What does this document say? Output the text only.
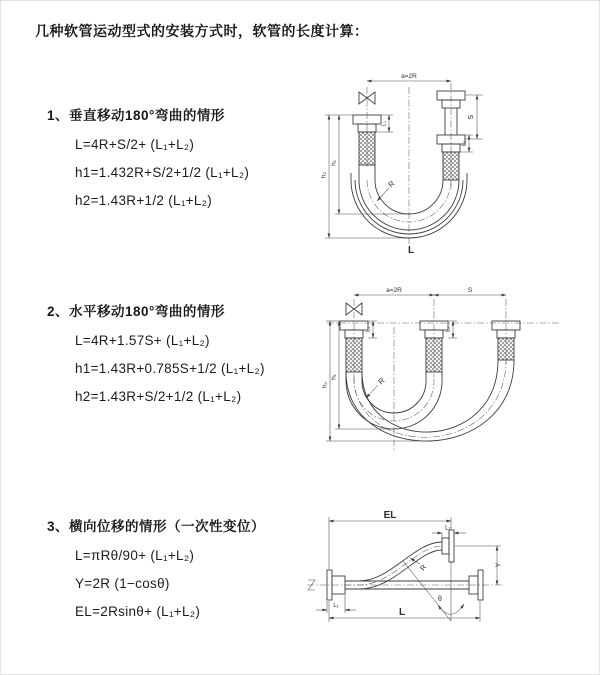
几种软管运动型式的安装方式时，软管的长度计算：
1、垂直移动180°弯曲的情形
L=4R+S/2+ (L₁+L₂)
h1=1.432R+S/2+1/2 (L₁+L₂)
h2=1.43R+1/2 (L₁+L₂)
2、水平移动180°弯曲的情形
L=4R+1.57S+ (L₁+L₂)
h1=1.43R+0.785S+1/2 (L₁+L₂)
h2=1.43R+S/2+1/2 (L₁+L₂)
3、横向位移的情形（一次性变位）
L=πRθ/90+ (L₁+L₂)
Y=2R (1−cosθ)
EL=2Rsinθ+ (L₁+L₂)
a=2R
S
L₂
L₁
h₁
h₂
R
L
a=2R	S
h₁
h₂
L₁	L₂
R
θ
EL
L₂
Y
R
L₁
L
